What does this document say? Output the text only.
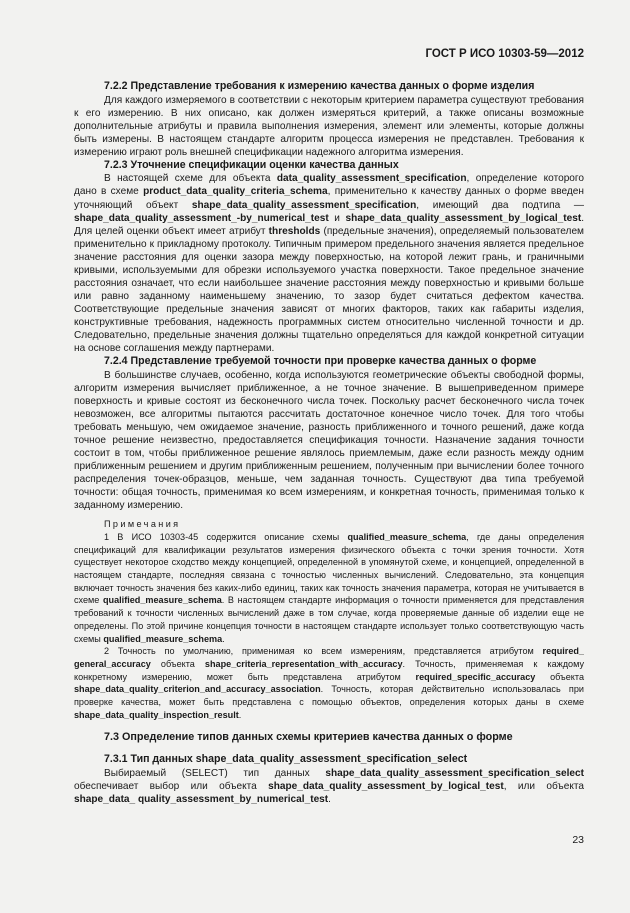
ГОСТ Р ИСО 10303-59—2012

7.2.2 Представление требования к измерению качества данных о форме изделия

Для каждого измеряемого в соответствии с некоторым критерием параметра существуют требования к его измерению. В них описано, как должен измеряться критерий, а также описаны возможные дополнительные атрибуты и правила выполнения измерения, элемент или элементы, которые должны быть измерены. В настоящем стандарте алгоритм процесса измерения не представлен. Требования к измерению играют роль внешней спецификации надежного алгоритма измерения.

7.2.3 Уточнение спецификации оценки качества данных

В настоящей схеме для объекта data_quality_assessment_specification, определение которого дано в схеме product_data_quality_criteria_schema, применительно к качеству данных о форме введен уточняющий объект shape_data_quality_assessment_specification, имеющий два подтипа — shape_data_quality_assessment_-by_numerical_test и shape_data_quality_assessment_by_logical_test. Для целей оценки объект имеет атрибут thresholds (предельные значения), определяемый пользователем применительно к прикладному протоколу. Типичным примером предельного значения является предельное значение расстояния для оценки зазора между поверхностью, на которой лежит грань, и граничными кривыми, используемыми для обрезки используемого участка поверхности. Такое предельное значение расстояния означает, что если наибольшее значение расстояния между поверхностью и кривыми больше или равно заданному наименьшему значению, то зазор будет считаться дефектом качества. Соответствующие предельные значения зависят от многих факторов, таких как габариты изделия, конструктивные требования, надежность программных систем относительно численной точности и др. Следовательно, предельные значения должны тщательно определяться для каждой конкретной ситуации на основе соглашения между партнерами.

7.2.4 Представление требуемой точности при проверке качества данных о форме

В большинстве случаев, особенно, когда используются геометрические объекты свободной формы, алгоритм измерения вычисляет приближенное, а не точное значение. В вышеприведенном примере поверхность и кривые состоят из бесконечного числа точек. Поскольку расчет бесконечного числа точек невозможен, все алгоритмы пытаются рассчитать достаточное конечное число точек. Для того чтобы требовать меньшую, чем ожидаемое значение, разность приближенного и точного решений, даже когда точное решение неизвестно, предоставляется спецификация точности. Назначение задания точности состоит в том, чтобы приближенное решение являлось приемлемым, даже если разность между одним приближенным решением и другим приближенным решением, полученным при вычислении более точного распределения точек-образцов, меньше, чем заданная точность. Существуют два типа требуемой точности: общая точность, применимая ко всем измерениям, и конкретная точность, применимая только к заданному измерению.

Примечания

1 В ИСО 10303-45 содержится описание схемы qualified_measure_schema, где даны определения спецификаций для квалификации результатов измерения физического объекта с точки зрения точности. Хотя существует некоторое сходство между концепцией, определенной в упомянутой схеме, и концепцией, определенной в настоящем стандарте, последняя связана с точностью численных вычислений. Следовательно, эта концепция включает точность значения без каких-либо единиц, таких как точность значения параметра, которая не учитывается в схеме qualified_measure_schema. В настоящем стандарте информация о точности применяется для представления требований к точности численных вычислений даже в том случае, когда проверяемые данные об изделии еще не определены. По этой причине концепция точности в настоящем стандарте использует только соответствующую часть схемы qualified_measure_schema.

2 Точность по умолчанию, применимая ко всем измерениям, представляется атрибутом required_ general_accuracy объекта shape_criteria_representation_with_accuracy. Точность, применяемая к каждому конкретному измерению, может быть представлена атрибутом required_specific_accuracy объекта shape_data_quality_criterion_and_accuracy_association. Точность, которая действительно использовалась при проверке качества, может быть представлена с помощью объектов, определения которых даны в схеме shape_data_quality_inspection_result.

7.3 Определение типов данных схемы критериев качества данных о форме

7.3.1 Тип данных shape_data_quality_assessment_specification_select

Выбираемый (SELECT) тип данных shape_data_quality_assessment_specification_select обеспечивает выбор или объекта shape_data_quality_assessment_by_logical_test, или объекта shape_data_ quality_assessment_by_numerical_test.

23
